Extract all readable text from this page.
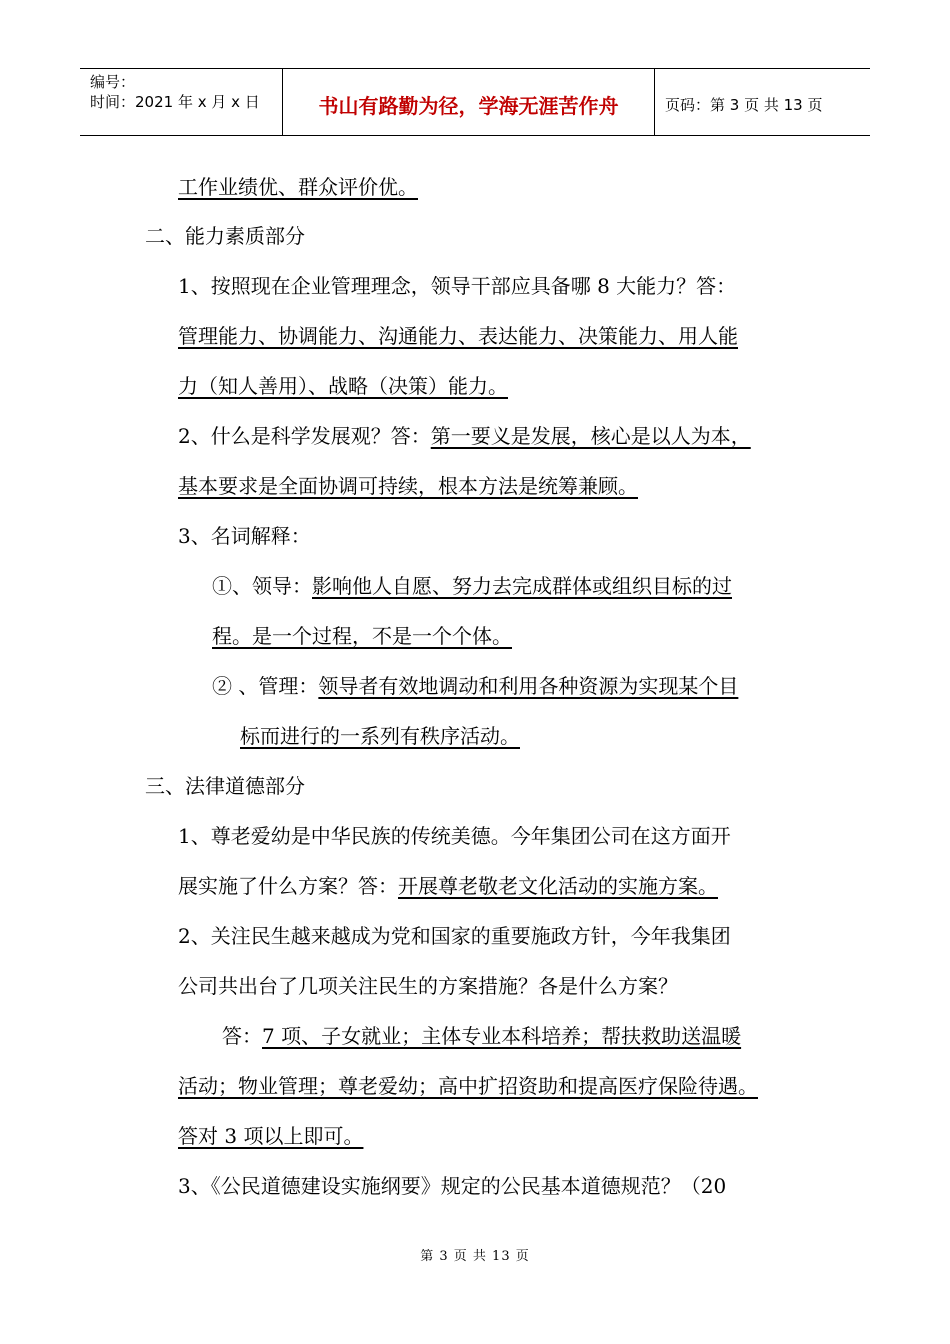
编号：
时间：2021 年 x 月 x 日	书山有路勤为径，学海无涯苦作舟	页码：第 3 页 共 13 页
工作业绩优、群众评价优。
二、能力素质部分
1、按照现在企业管理理念，领导干部应具备哪 8 大能力？答：
管理能力、协调能力、沟通能力、表达能力、决策能力、用人能
力（知人善用）、战略（决策）能力。
2、什么是科学发展观？答：第一要义是发展，核心是以人为本，
基本要求是全面协调可持续，根本方法是统筹兼顾。
3、名词解释：
①、领导：影响他人自愿、努力去完成群体或组织目标的过
程。是一个过程，不是一个个体。
② 、管理：领导者有效地调动和利用各种资源为实现某个目
标而进行的一系列有秩序活动。
三、法律道德部分
1、尊老爱幼是中华民族的传统美德。今年集团公司在这方面开
展实施了什么方案？答：开展尊老敬老文化活动的实施方案。
2、关注民生越来越成为党和国家的重要施政方针，今年我集团
公司共出台了几项关注民生的方案措施？各是什么方案？
答：7 项、子女就业；主体专业本科培养；帮扶救助送温暖
活动；物业管理；尊老爱幼；高中扩招资助和提高医疗保险待遇。
答对 3 项以上即可。
3、《公民道德建设实施纲要》规定的公民基本道德规范？（20
第 3 页 共 13 页
